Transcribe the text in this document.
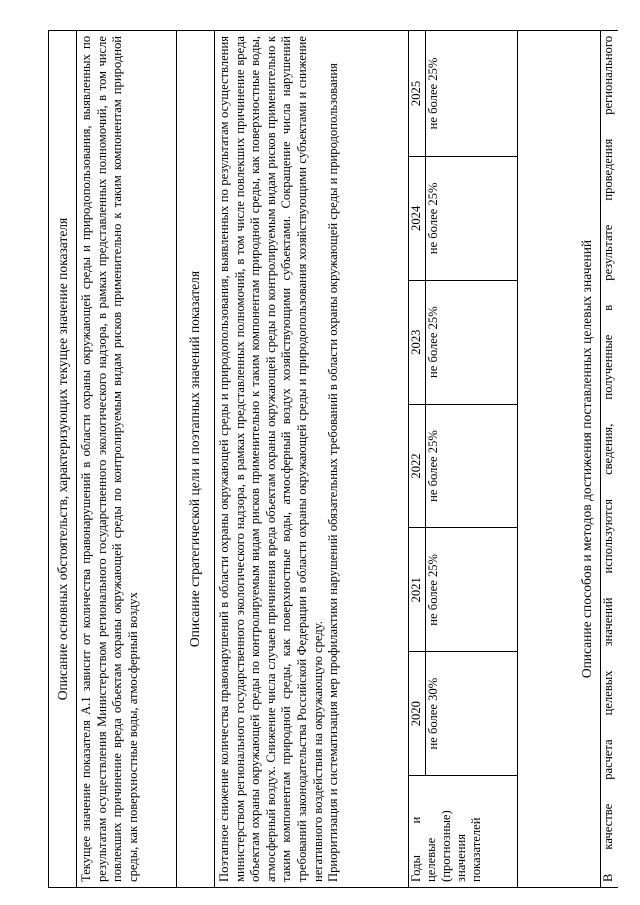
Описание основных обстоятельств, характеризующих текущее значение показателя Текущее значение показателя А.1 зависит от количества правонарушений в области охраны окружающей среды и природопользования, выявленных по результатам осуществления Министерством регионального государственного экологического надзора, в рамках представленных полномочий, в том числе повлекших причинение вреда объектам охраны окружающей среды по контролируемым видам рисков применительно к таким компонентам природной среды, как поверхностные воды, атмосферный воздух
Описание стратегической цели и поэтапных значений показателя	Поэтапное снижение количества правонарушений в области охраны окружающей среды и природопользования, выявленных по результатам осуществления министерством регионального государственного экологического надзора, в рамках представленных полномочий, в том числе повлекших причинение вреда объектам охраны окружающей среды по контролируемым видам рисков применительно к таким компонентам природной среды, как поверхностные воды, атмосферный воздух. Снижение числа случаев причинения вреда объектам охраны окружающей среды по контролируемым видам рисков применительно к таким компонентам природной среды, как поверхностные воды, атмосферный воздух хозяйствующими субъектами. Сокращение числа нарушений требований законодательства Российской Федерации в области охраны окружающей среды и природопользования хозяйствующими субъектами и снижение негативного воздействия на окружающую среду. Приоритизация и систематизация мер профилактики нарушений обязательных требований в области охраны окружающей среды и природопользования	Годы          и целевые (прогнозные) значения показателей	2020	2021	2022	2023	2024	2025
	не более 30%	не более 25%	не более 25%	не более 25%	не более 25%	не более 25%
Описание способов и методов достижения поставленных целевых значений В качестве расчета целевых значений используются сведения, полученные в результате проведения регионального
